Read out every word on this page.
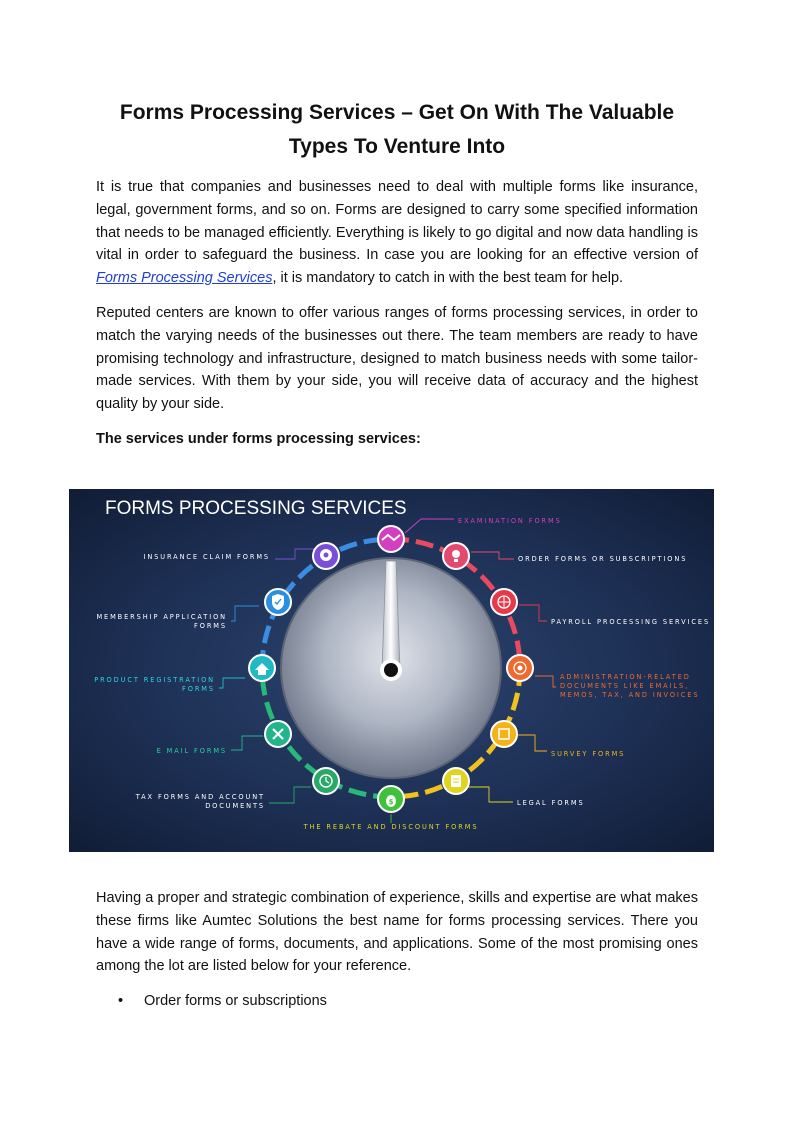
Forms Processing Services – Get On With The Valuable
Types To Venture Into

It is true that companies and businesses need to deal with multiple forms like insurance, legal, government forms, and so on. Forms are designed to carry some specified information that needs to be managed efficiently. Everything is likely to go digital and now data handling is vital in order to safeguard the business. In case you are looking for an effective version of Forms Processing Services, it is mandatory to catch in with the best team for help.

Reputed centers are known to offer various ranges of forms processing services, in order to match the varying needs of the businesses out there. The team members are ready to have promising technology and infrastructure, designed to match business needs with some tailor-made services. With them by your side, you will receive data of accuracy and the highest quality by your side.

The services under forms processing services:

FORMS PROCESSING SERVICES
$
EXAMINATION FORMS
ORDER FORMS OR SUBSCRIPTIONS
PAYROLL PROCESSING SERVICES
ADMINISTRATION-RELATED
DOCUMENTS LIKE EMAILS,
MEMOS, TAX, AND INVOICES
SURVEY FORMS
LEGAL FORMS
THE REBATE AND DISCOUNT FORMS
TAX FORMS AND ACCOUNT
DOCUMENTS
E MAIL FORMS
PRODUCT REGISTRATION
FORMS
MEMBERSHIP APPLICATION
FORMS
INSURANCE CLAIM FORMS

Having a proper and strategic combination of experience, skills and expertise are what makes these firms like Aumtec Solutions the best name for forms processing services. There you have a wide range of forms, documents, and applications. Some of the most promising ones among the lot are listed below for your reference.

• Order forms or subscriptions
